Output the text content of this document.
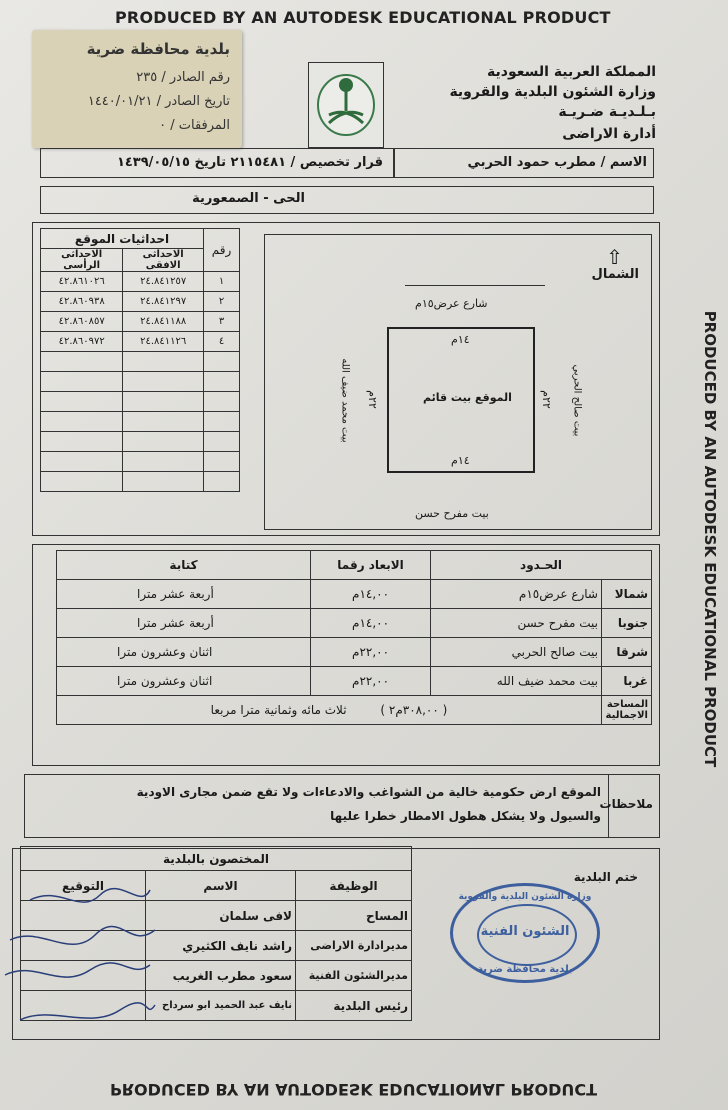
PRODUCED BY AN AUTODESK EDUCATIONAL PRODUCT
PRODUCED BY AN AUTODESK EDUCATIONAL PRODUCT
PRODUCED BY AN AUTODESK EDUCATIONAL PRODUCT
بلدية محافظة ضرية
رقم الصادر / ٢٣٥
تاريخ الصادر / ١٤٤٠/٠١/٢١
المرفقات / ٠
المملكة العربية السعودية
وزارة الشئون البلدية والقروية
بـلـديـة ضـريـة
أدارة الاراضى
الاسم / مطرب حمود الحربي
قرار تخصيص / ٢١١٥٤٨١ تاريخ ١٤٣٩/٠٥/١٥
الحى - الصمعورية
احداثيات الموقع		رقم
الاحداثى الرأسى	الاحداثى الافقى	
٤٢.٨٦١٠٢٦	٢٤.٨٤١٢٥٧	١
٤٢.٨٦٠٩٣٨	٢٤.٨٤١٢٩٧	٢
٤٢.٨٦٠٨٥٧	٢٤.٨٤١١٨٨	٣
٤٢.٨٦٠٩٧٢	٢٤.٨٤١١٢٦	٤

⇧
الشمال
شارع عرض١٥م
١٤م
١٤م
الموقع بيت قائم
٢٢م
٢٢م
بيت محمد ضيف الله	بيت صالح الحربي
بيت مفرح حسن
الحـدود		الابعاد رقما	كتابة
شمالا	شارع عرض١٥م	١٤,٠٠م	أربعة عشر مترا
جنوبا	بيت مفرح حسن	١٤,٠٠م	أربعة عشر مترا
شرقا	بيت صالح الحربي	٢٢,٠٠م	اثنان وعشرون مترا
غربا	بيت محمد ضيف الله	٢٢,٠٠م	اثنان وعشرون مترا
المساحة الاجمالية	( ٣٠٨,٠٠م٢ ) ثلاث مائه وثمانية مترا مربعا		
ملاحظات
الموقع ارض حكومية خالية من الشواغب والادعاءات ولا تقع ضمن مجارى الاودية
والسيول ولا يشكل هطول الامطار خطرا عليها
المختصون بالبلدية		
الوظيفة	الاسم	التوقيع
المساح	لافى سلمان	
مديرادارة الاراضى	راشد نايف الكثيري	
مديرالشئون الفنية	سعود مطرب الغريب	
رئيس البلدية	نايف عبد الحميد ابو سرداح	
ختم البلدية
وزارة الشئون البلدية والقروية
الشئون الفنية
بلدية محافظة ضرية
